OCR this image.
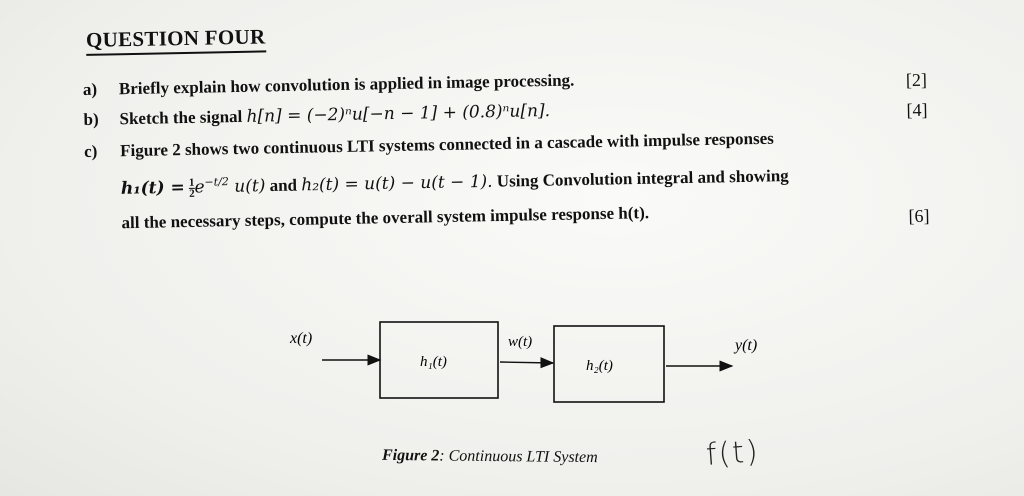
QUESTION FOUR
a) Briefly explain how convolution is applied in image processing.	[2]
b) Sketch the signal h[n] = (−2)ⁿu[−n − 1] + (0.8)ⁿu[n].	[4]
c) Figure 2 shows two continuous LTI systems connected in a cascade with impulse responses
$h_1(t) = \frac{1}{2} e^{-t/2}$ u(t) and h₂(t) = u(t) − u(t − 1). Using Convolution integral and showing
all the necessary steps, compute the overall system impulse response h(t).	[6]
x(t)
h₁(t)
w(t)
h₂(t)
y(t)
Figure 2: Continuous LTI System	f(t)
